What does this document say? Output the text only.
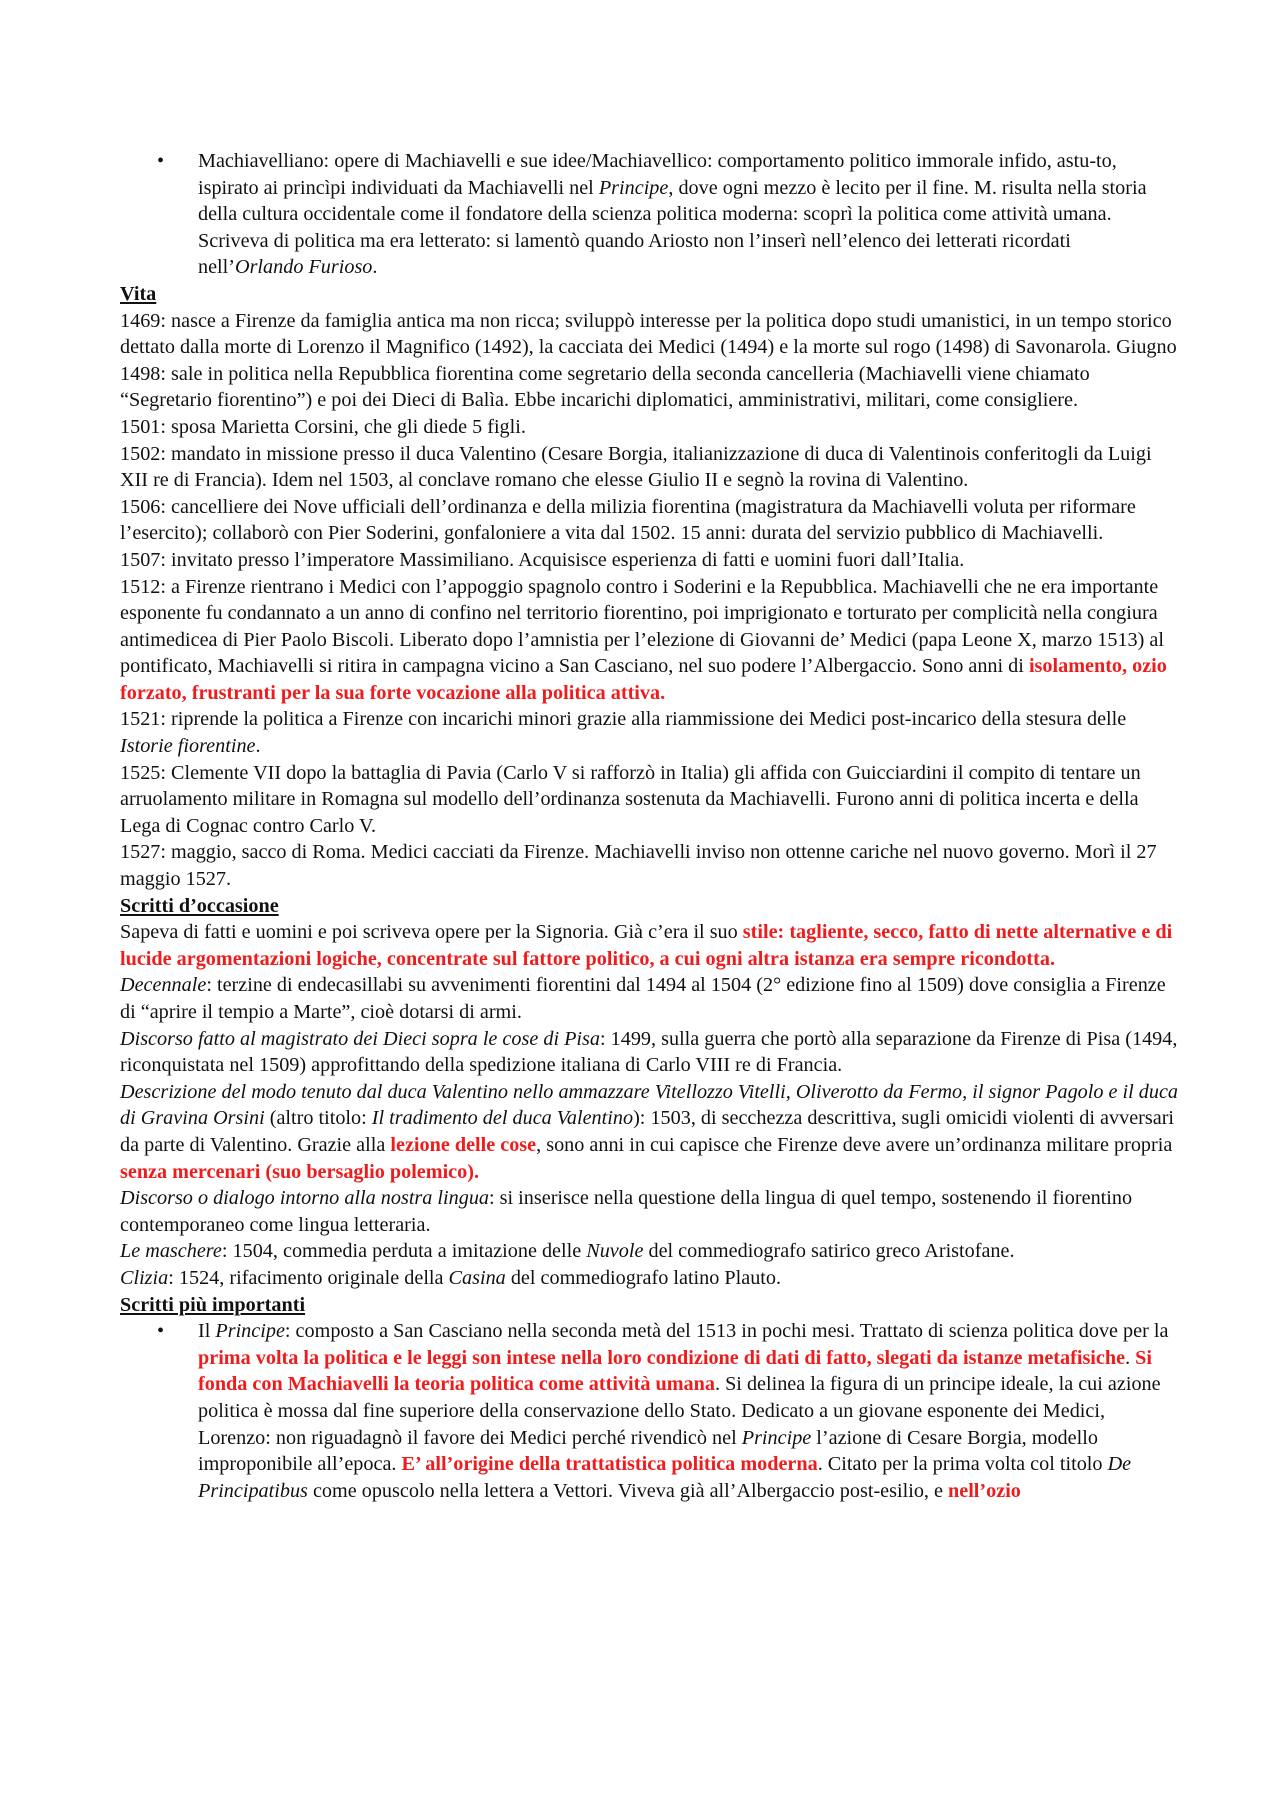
• Machiavelliano: opere di Machiavelli e sue idee/Machiavellico: comportamento politico immorale infido, astu-to, ispirato ai princìpi individuati da Machiavelli nel Principe, dove ogni mezzo è lecito per il fine. M. risulta nella storia della cultura occidentale come il fondatore della scienza politica moderna: scoprì la politica come attività umana. Scriveva di politica ma era letterato: si lamentò quando Ariosto non l’inserì nell’elenco dei letterati ricordati nell’Orlando Furioso.
Vita

1469: nasce a Firenze da famiglia antica ma non ricca; sviluppò interesse per la politica dopo studi umanistici, in un tempo storico dettato dalla morte di Lorenzo il Magnifico (1492), la cacciata dei Medici (1494) e la morte sul rogo (1498) di Savonarola. Giugno

1498: sale in politica nella Repubblica fiorentina come segretario della seconda cancelleria (Machiavelli viene chiamato “Segretario fiorentino”) e poi dei Dieci di Balìa. Ebbe incarichi diplomatici, amministrativi, militari, come consigliere.

1501: sposa Marietta Corsini, che gli diede 5 figli.

1502: mandato in missione presso il duca Valentino (Cesare Borgia, italianizzazione di duca di Valentinois conferitogli da Luigi XII re di Francia). Idem nel 1503, al conclave romano che elesse Giulio II e segnò la rovina di Valentino.

1506: cancelliere dei Nove ufficiali dell’ordinanza e della milizia fiorentina (magistratura da Machiavelli voluta per riformare l’esercito); collaborò con Pier Soderini, gonfaloniere a vita dal 1502. 15 anni: durata del servizio pubblico di Machiavelli.

1507: invitato presso l’imperatore Massimiliano. Acquisisce esperienza di fatti e uomini fuori dall’Italia.

1512: a Firenze rientrano i Medici con l’appoggio spagnolo contro i Soderini e la Repubblica. Machiavelli che ne era importante esponente fu condannato a un anno di confino nel territorio fiorentino, poi imprigionato e torturato per complicità nella congiura antimedicea di Pier Paolo Biscoli. Liberato dopo l’amnistia per l’elezione di Giovanni de’ Medici (papa Leone X, marzo 1513) al pontificato, Machiavelli si ritira in campagna vicino a San Casciano, nel suo podere l’Albergaccio. Sono anni di isolamento, ozio forzato, frustranti per la sua forte vocazione alla politica attiva.

1521: riprende la politica a Firenze con incarichi minori grazie alla riammissione dei Medici post-incarico della stesura delle Istorie fiorentine.

1525: Clemente VII dopo la battaglia di Pavia (Carlo V si rafforzò in Italia) gli affida con Guicciardini il compito di tentare un arruolamento militare in Romagna sul modello dell’ordinanza sostenuta da Machiavelli. Furono anni di politica incerta e della Lega di Cognac contro Carlo V.

1527: maggio, sacco di Roma. Medici cacciati da Firenze. Machiavelli inviso non ottenne cariche nel nuovo governo. Morì il 27 maggio 1527.

Scritti d’occasione

Sapeva di fatti e uomini e poi scriveva opere per la Signoria. Già c’era il suo stile: tagliente, secco, fatto di nette alternative e di lucide argomentazioni logiche, concentrate sul fattore politico, a cui ogni altra istanza era sempre ricondotta.

Decennale: terzine di endecasillabi su avvenimenti fiorentini dal 1494 al 1504 (2° edizione fino al 1509) dove consiglia a Firenze di “aprire il tempio a Marte”, cioè dotarsi di armi.

Discorso fatto al magistrato dei Dieci sopra le cose di Pisa: 1499, sulla guerra che portò alla separazione da Firenze di Pisa (1494, riconquistata nel 1509) approfittando della spedizione italiana di Carlo VIII re di Francia.

Descrizione del modo tenuto dal duca Valentino nello ammazzare Vitellozzo Vitelli, Oliverotto da Fermo, il signor Pagolo e il duca di Gravina Orsini (altro titolo: Il tradimento del duca Valentino): 1503, di secchezza descrittiva, sugli omicidi violenti di avversari da parte di Valentino. Grazie alla lezione delle cose, sono anni in cui capisce che Firenze deve avere un’ordinanza militare propria senza mercenari (suo bersaglio polemico).

Discorso o dialogo intorno alla nostra lingua: si inserisce nella questione della lingua di quel tempo, sostenendo il fiorentino contemporaneo come lingua letteraria.

Le maschere: 1504, commedia perduta a imitazione delle Nuvole del commediografo satirico greco Aristofane.

Clizia: 1524, rifacimento originale della Casina del commediografo latino Plauto.

Scritti più importanti
• Il Principe: composto a San Casciano nella seconda metà del 1513 in pochi mesi. Trattato di scienza politica dove per la prima volta la politica e le leggi son intese nella loro condizione di dati di fatto, slegati da istanze metafisiche. Si fonda con Machiavelli la teoria politica come attività umana. Si delinea la figura di un principe ideale, la cui azione politica è mossa dal fine superiore della conservazione dello Stato. Dedicato a un giovane esponente dei Medici, Lorenzo: non riguadagnò il favore dei Medici perché rivendicò nel Principe l’azione di Cesare Borgia, modello improponibile all’epoca. E’ all’origine della trattatistica politica moderna. Citato per la prima volta col titolo De Principatibus come opuscolo nella lettera a Vettori. Viveva già all’Albergaccio post-esilio, e nell’ozio
